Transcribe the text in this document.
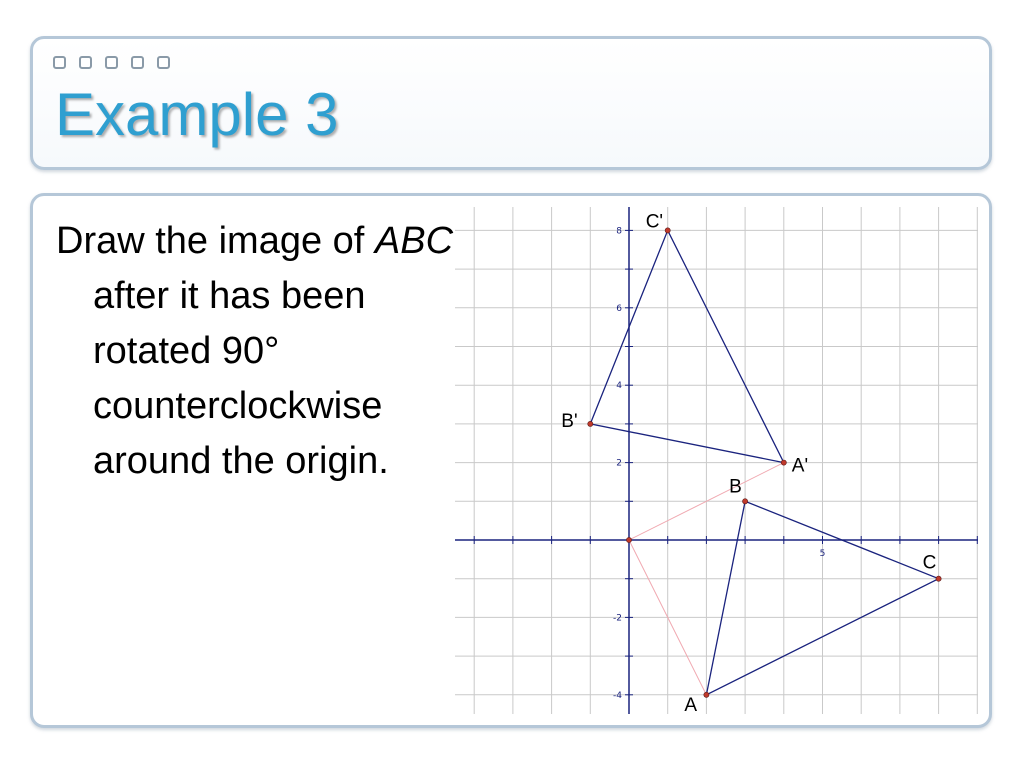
Example 3

Draw the image of ABC after it has been rotated 90° counterclockwise around the origin.

5
8
6
4
2
-2
-4	A
B
C
A'
B'
C'
